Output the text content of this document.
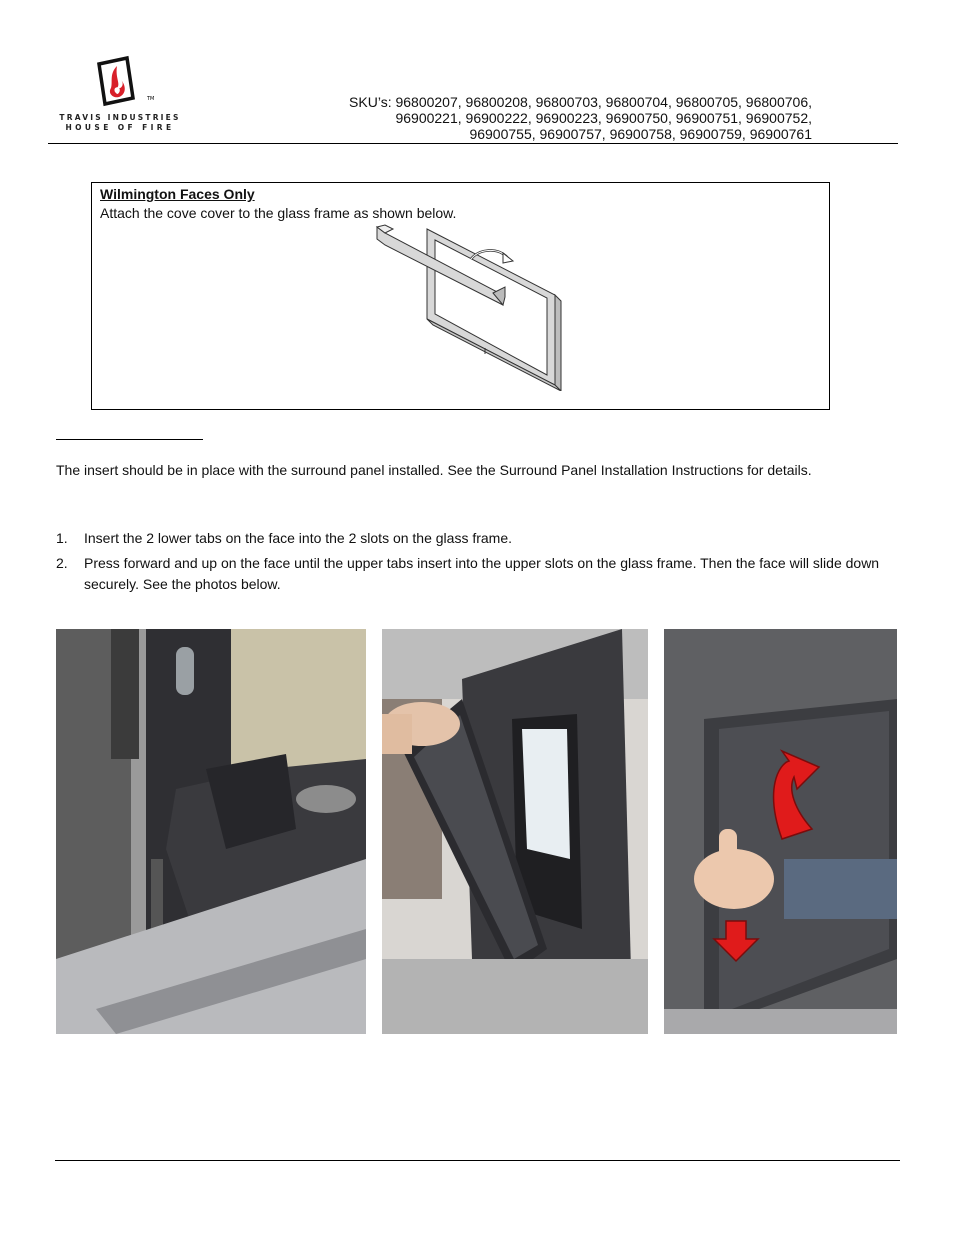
TM
TRAVIS INDUSTRIES
HOUSE OF FIRE
SKU’s: 96800207, 96800208, 96800703, 96800704, 96800705, 96800706,
96900221, 96900222, 96900223, 96900750, 96900751, 96900752,
96900755, 96900757, 96900758, 96900759, 96900761
Wilmington Faces Only
Attach the cove cover to the glass frame as shown below.
The insert should be in place with the surround panel installed. See the Surround Panel Installation Instructions for details.
1. Insert the 2 lower tabs on the face into the 2 slots on the glass frame.
2. Press forward and up on the face until the upper tabs insert into the upper slots on the glass frame. Then the face will slide down securely. See the photos below.
